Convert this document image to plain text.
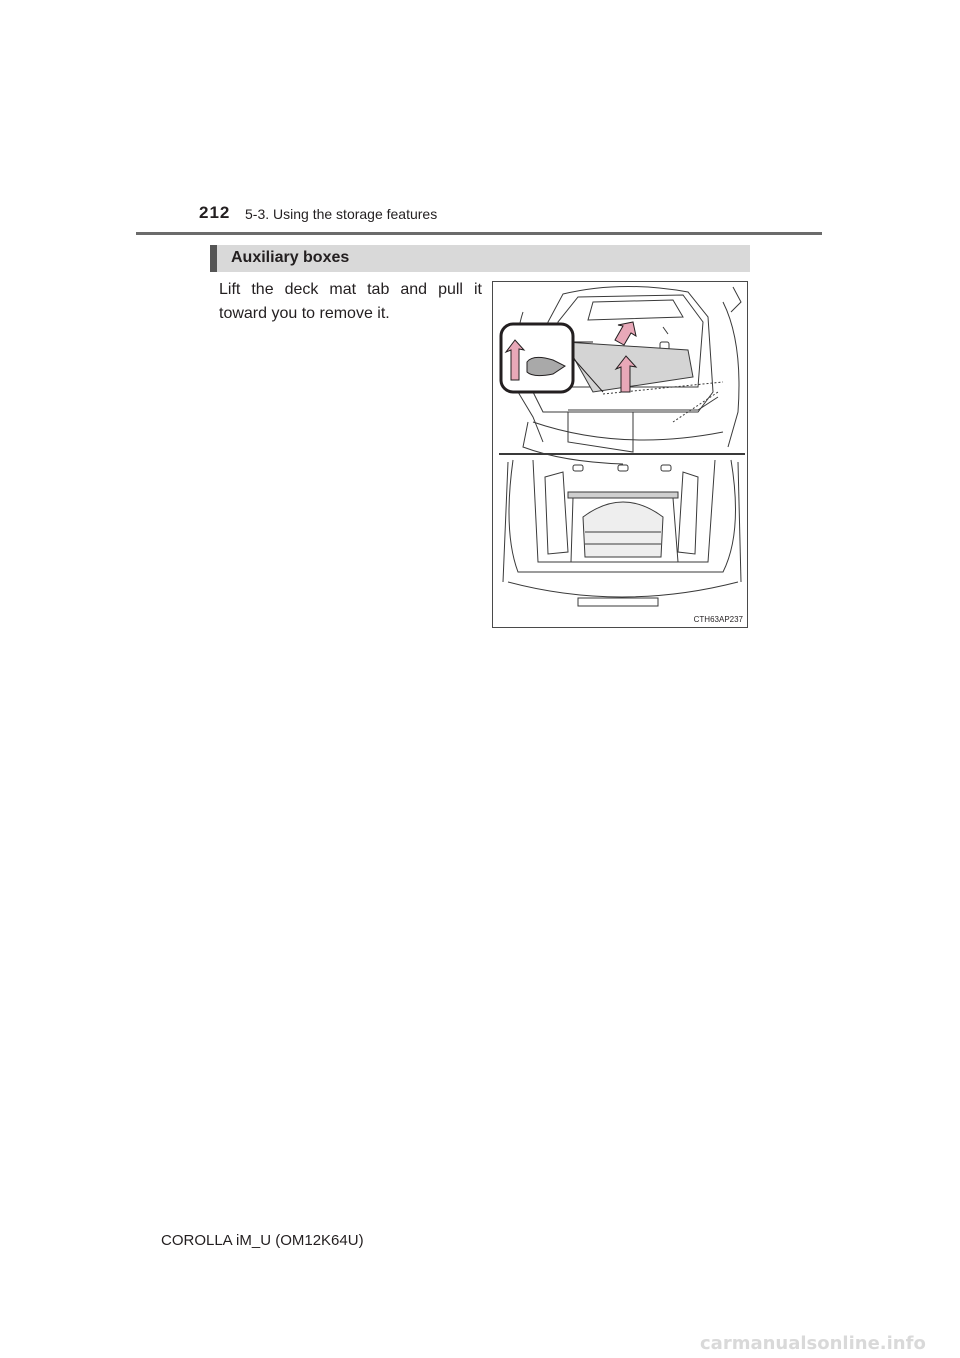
212 5-3. Using the storage features
Auxiliary boxes
Lift the deck mat tab and pull it toward you to remove it.
CTH63AP237
COROLLA iM_U (OM12K64U)
carmanualsonline.info
